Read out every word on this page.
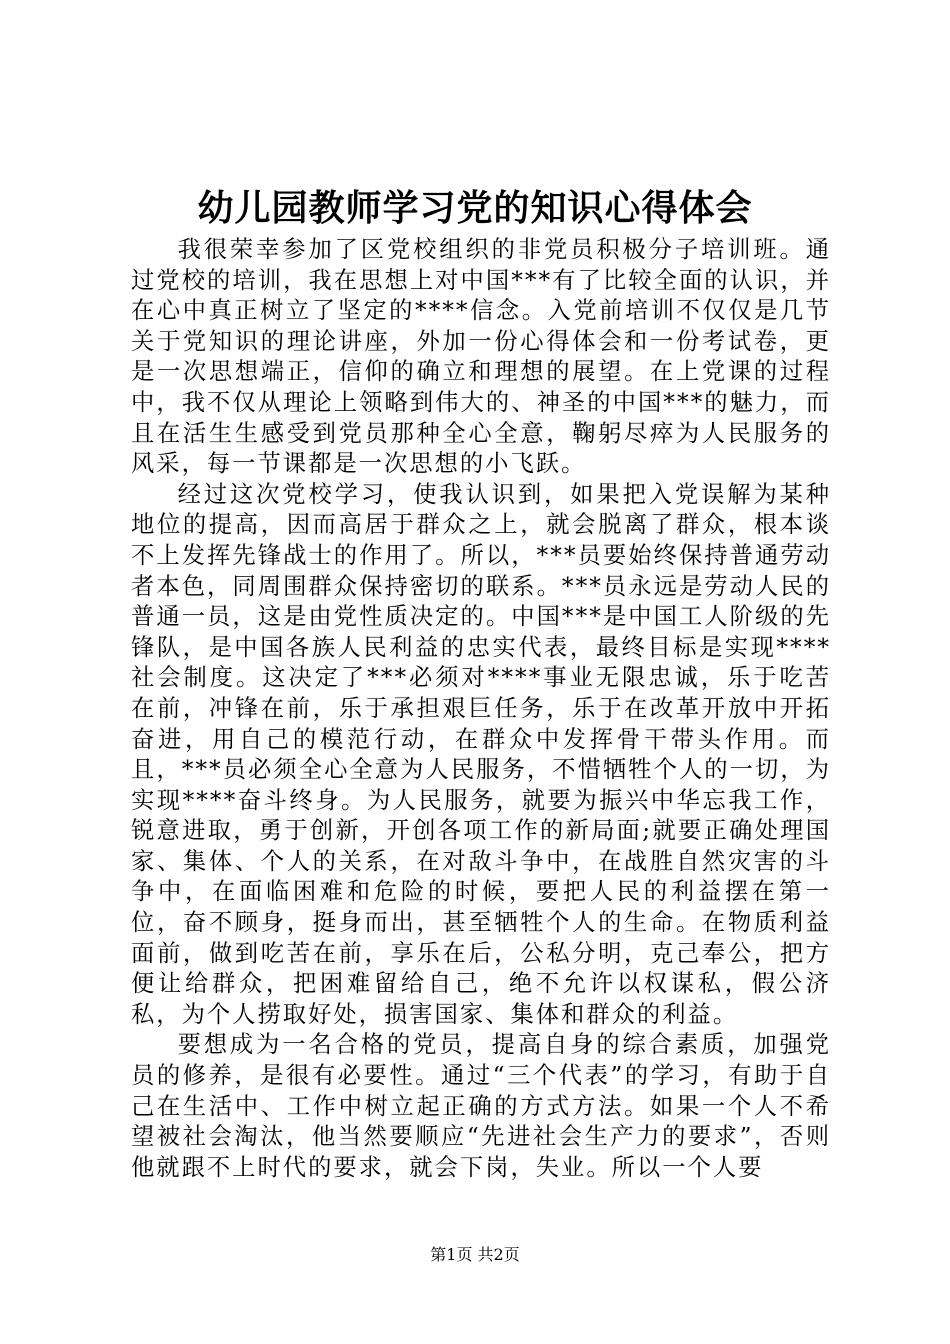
幼儿园教师学习党的知识心得体会

我很荣幸参加了区党校组织的非党员积极分子培训班。通过党校的培训，我在思想上对中国***有了比较全面的认识，并在心中真正树立了坚定的****信念。入党前培训不仅仅是几节关于党知识的理论讲座，外加一份心得体会和一份考试卷，更是一次思想端正，信仰的确立和理想的展望。在上党课的过程中，我不仅从理论上领略到伟大的、神圣的中国***的魅力，而且在活生生感受到党员那种全心全意，鞠躬尽瘁为人民服务的风采，每一节课都是一次思想的小飞跃。

经过这次党校学习，使我认识到，如果把入党误解为某种地位的提高，因而高居于群众之上，就会脱离了群众，根本谈不上发挥先锋战士的作用了。所以，***员要始终保持普通劳动者本色，同周围群众保持密切的联系。***员永远是劳动人民的普通一员，这是由党性质决定的。中国***是中国工人阶级的先锋队，是中国各族人民利益的忠实代表，最终目标是实现****社会制度。这决定了***必须对****事业无限忠诚，乐于吃苦在前，冲锋在前，乐于承担艰巨任务，乐于在改革开放中开拓奋进，用自己的模范行动，在群众中发挥骨干带头作用。而且，***员必须全心全意为人民服务，不惜牺牲个人的一切，为实现****奋斗终身。为人民服务，就要为振兴中华忘我工作，锐意进取，勇于创新，开创各项工作的新局面;就要正确处理国家、集体、个人的关系，在对敌斗争中，在战胜自然灾害的斗争中，在面临困难和危险的时候，要把人民的利益摆在第一位，奋不顾身，挺身而出，甚至牺牲个人的生命。在物质利益面前，做到吃苦在前，享乐在后，公私分明，克己奉公，把方便让给群众，把困难留给自己，绝不允许以权谋私，假公济私，为个人捞取好处，损害国家、集体和群众的利益。

要想成为一名合格的党员，提高自身的综合素质，加强党员的修养，是很有必要性。通过“三个代表”的学习，有助于自己在生活中、工作中树立起正确的方式方法。如果一个人不希望被社会淘汰，他当然要顺应“先进社会生产力的要求”，否则他就跟不上时代的要求，就会下岗，失业。所以一个人要

第1页 共2页
